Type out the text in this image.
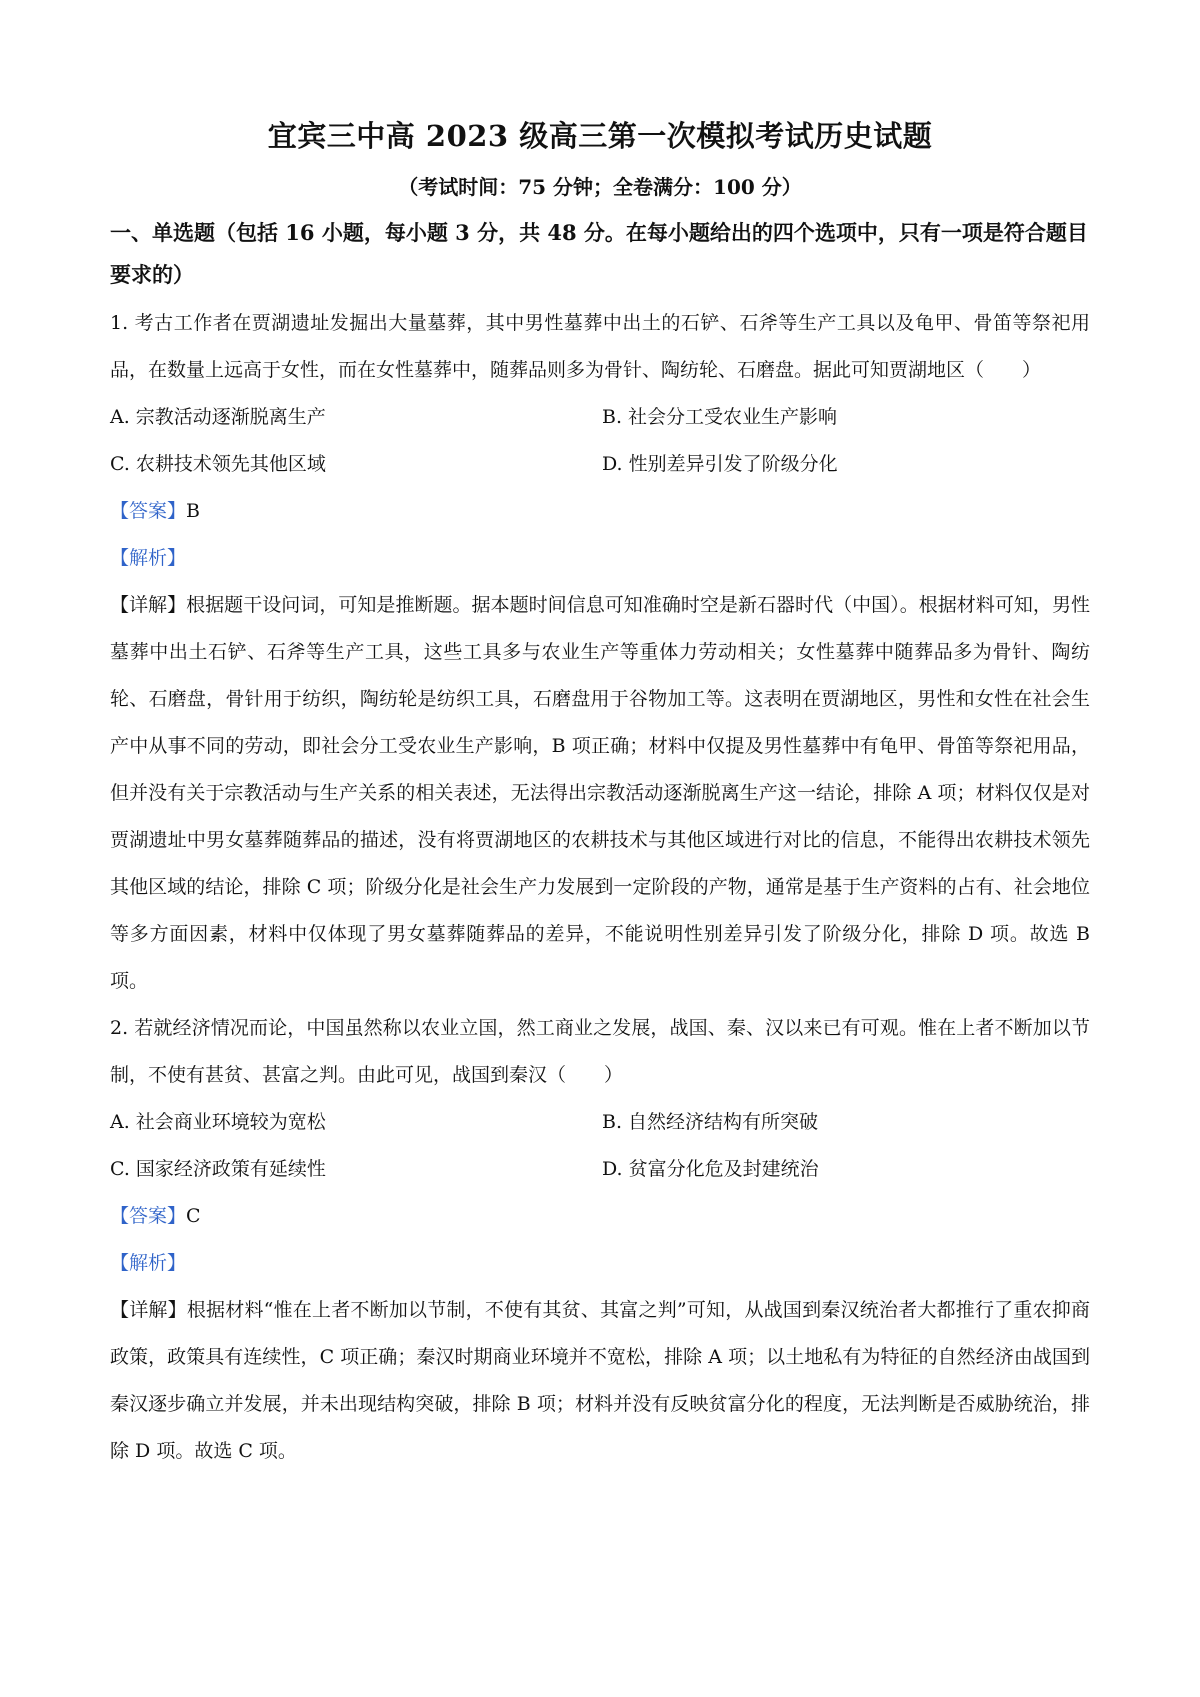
宜宾三中高 2023 级高三第一次模拟考试历史试题
（考试时间：75 分钟；全卷满分：100 分）
一、单选题（包括 16 小题，每小题 3 分，共 48 分。在每小题给出的四个选项中，只有一项是符合题目要求的）

1. 考古工作者在贾湖遗址发掘出大量墓葬，其中男性墓葬中出土的石铲、石斧等生产工具以及龟甲、骨笛等祭祀用品，在数量上远高于女性，而在女性墓葬中，随葬品则多为骨针、陶纺轮、石磨盘。据此可知贾湖地区（　　）

A. 宗教活动逐渐脱离生产	B. 社会分工受农业生产影响
C. 农耕技术领先其他区域	D. 性别差异引发了阶级分化
【答案】B
【解析】

【详解】根据题干设问词，可知是推断题。据本题时间信息可知准确时空是新石器时代（中国）。根据材料可知，男性墓葬中出土石铲、石斧等生产工具，这些工具多与农业生产等重体力劳动相关；女性墓葬中随葬品多为骨针、陶纺轮、石磨盘，骨针用于纺织，陶纺轮是纺织工具，石磨盘用于谷物加工等。这表明在贾湖地区，男性和女性在社会生产中从事不同的劳动，即社会分工受农业生产影响，B 项正确；材料中仅提及男性墓葬中有龟甲、骨笛等祭祀用品，但并没有关于宗教活动与生产关系的相关表述，无法得出宗教活动逐渐脱离生产这一结论，排除 A 项；材料仅仅是对贾湖遗址中男女墓葬随葬品的描述，没有将贾湖地区的农耕技术与其他区域进行对比的信息，不能得出农耕技术领先其他区域的结论，排除 C 项；阶级分化是社会生产力发展到一定阶段的产物，通常是基于生产资料的占有、社会地位等多方面因素，材料中仅体现了男女墓葬随葬品的差异，不能说明性别差异引发了阶级分化，排除 D 项。故选 B 项。

2. 若就经济情况而论，中国虽然称以农业立国，然工商业之发展，战国、秦、汉以来已有可观。惟在上者不断加以节制，不使有甚贫、甚富之判。由此可见，战国到秦汉（　　）

A. 社会商业环境较为宽松	B. 自然经济结构有所突破
C. 国家经济政策有延续性	D. 贫富分化危及封建统治
【答案】C
【解析】

【详解】根据材料“惟在上者不断加以节制，不使有其贫、其富之判”可知，从战国到秦汉统治者大都推行了重农抑商政策，政策具有连续性，C 项正确；秦汉时期商业环境并不宽松，排除 A 项；以土地私有为特征的自然经济由战国到秦汉逐步确立并发展，并未出现结构突破，排除 B 项；材料并没有反映贫富分化的程度，无法判断是否威胁统治，排除 D 项。故选 C 项。
